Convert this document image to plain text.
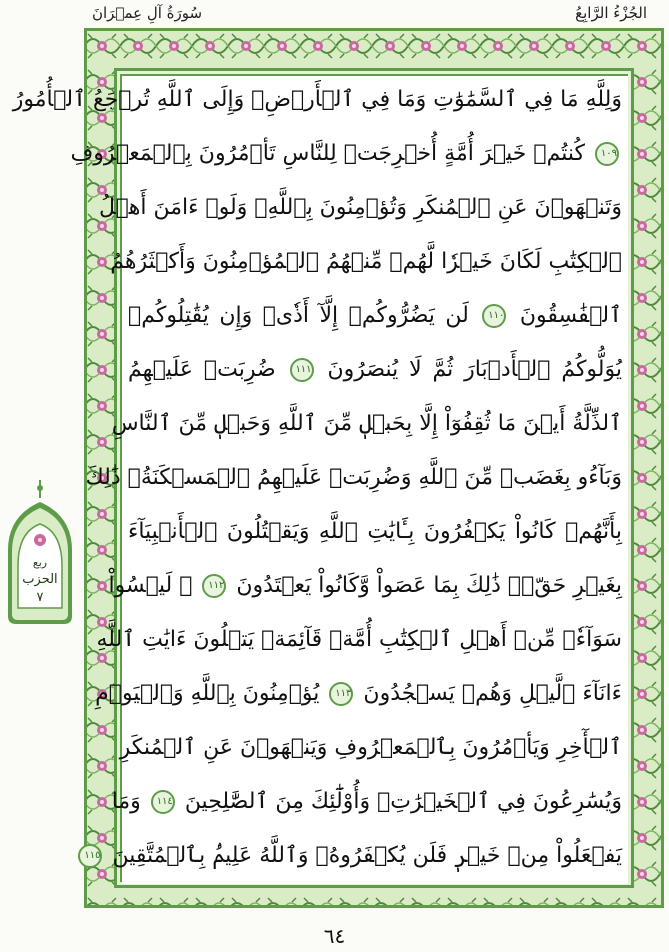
الجُزْءُ الرَّابِعُ
سُورَةُ آلِ عِمۡرَانَ
وَلِلَّهِ مَا فِي ٱلسَّمَٰوَٰتِ وَمَا فِي ٱلۡأَرۡضِۚ وَإِلَى ٱللَّهِ تُرۡجَعُ ٱلۡأُمُورُ
١٠٩ كُنتُمۡ خَيۡرَ أُمَّةٍ أُخۡرِجَتۡ لِلنَّاسِ تَأۡمُرُونَ بِٱلۡمَعۡرُوفِ
وَتَنۡهَوۡنَ عَنِ ٱلۡمُنكَرِ وَتُؤۡمِنُونَ بِٱللَّهِۗ وَلَوۡ ءَامَنَ أَهۡلُ
ٱلۡكِتَٰبِ لَكَانَ خَيۡرٗا لَّهُمۚ مِّنۡهُمُ ٱلۡمُؤۡمِنُونَ وَأَكۡثَرُهُمُ
ٱلۡفَٰسِقُونَ ١١٠ لَن يَضُرُّوكُمۡ إِلَّآ أَذٗىۖ وَإِن يُقَٰتِلُوكُمۡ
يُوَلُّوكُمُ ٱلۡأَدۡبَارَ ثُمَّ لَا يُنصَرُونَ ١١١ ضُرِبَتۡ عَلَيۡهِمُ
ٱلذِّلَّةُ أَيۡنَ مَا ثُقِفُوٓاْ إِلَّا بِحَبۡلٖ مِّنَ ٱللَّهِ وَحَبۡلٖ مِّنَ ٱلنَّاسِ
وَبَآءُو بِغَضَبٖ مِّنَ ٱللَّهِ وَضُرِبَتۡ عَلَيۡهِمُ ٱلۡمَسۡكَنَةُۚ ذَٰلِكَ
بِأَنَّهُمۡ كَانُواْ يَكۡفُرُونَ بِـَٔايَٰتِ ٱللَّهِ وَيَقۡتُلُونَ ٱلۡأَنۢبِيَآءَ
بِغَيۡرِ حَقّٖۚ ذَٰلِكَ بِمَا عَصَواْ وَّكَانُواْ يَعۡتَدُونَ ١١٢ ۞ لَيۡسُواْ
سَوَآءٗۗ مِّنۡ أَهۡلِ ٱلۡكِتَٰبِ أُمَّةٞ قَآئِمَةٞ يَتۡلُونَ ءَايَٰتِ ٱللَّهِ
ءَانَآءَ ٱلَّيۡلِ وَهُمۡ يَسۡجُدُونَ ١١٣ يُؤۡمِنُونَ بِٱللَّهِ وَٱلۡيَوۡمِ
ٱلۡأٓخِرِ وَيَأۡمُرُونَ بِٱلۡمَعۡرُوفِ وَيَنۡهَوۡنَ عَنِ ٱلۡمُنكَرِ
وَيُسَٰرِعُونَ فِي ٱلۡخَيۡرَٰتِۖ وَأُوْلَٰٓئِكَ مِنَ ٱلصَّٰلِحِينَ ١١٤ وَمَا
يَفۡعَلُواْ مِنۡ خَيۡرٖ فَلَن يُكۡفَرُوهُۗ وَٱللَّهُ عَلِيمُۢ بِٱلۡمُتَّقِينَ ١١٥
ربع
الحزب
٧
٦٤
